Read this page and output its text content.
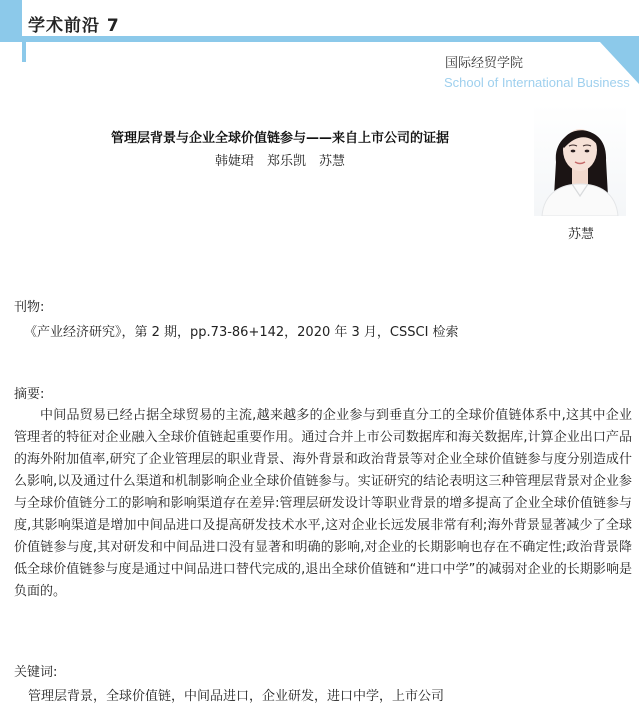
学术前沿 7
国际经贸学院
School of International Business
苏慧
管理层背景与企业全球价值链参与——来自上市公司的证据
韩婕珺　郑乐凯　苏慧
刊物:
《产业经济研究》，第 2 期，pp.73-86+142，2020 年 3 月，CSSCI 检索
摘要:
中间品贸易已经占据全球贸易的主流,越来越多的企业参与到垂直分工的全球价值链体系中,这其中企业管理者的特征对企业融入全球价值链起重要作用。通过合并上市公司数据库和海关数据库,计算企业出口产品的海外附加值率,研究了企业管理层的职业背景、海外背景和政治背景等对企业全球价值链参与度分别造成什么影响,以及通过什么渠道和机制影响企业全球价值链参与。实证研究的结论表明这三种管理层背景对企业参与全球价值链分工的影响和影响渠道存在差异:管理层研发设计等职业背景的增多提高了企业全球价值链参与度,其影响渠道是增加中间品进口及提高研发技术水平,这对企业长远发展非常有利;海外背景显著减少了全球价值链参与度,其对研发和中间品进口没有显著和明确的影响,对企业的长期影响也存在不确定性;政治背景降低全球价值链参与度是通过中间品进口替代完成的,退出全球价值链和“进口中学”的减弱对企业的长期影响是负面的。
关键词:
管理层背景，全球价值链，中间品进口，企业研发，进口中学，上市公司
